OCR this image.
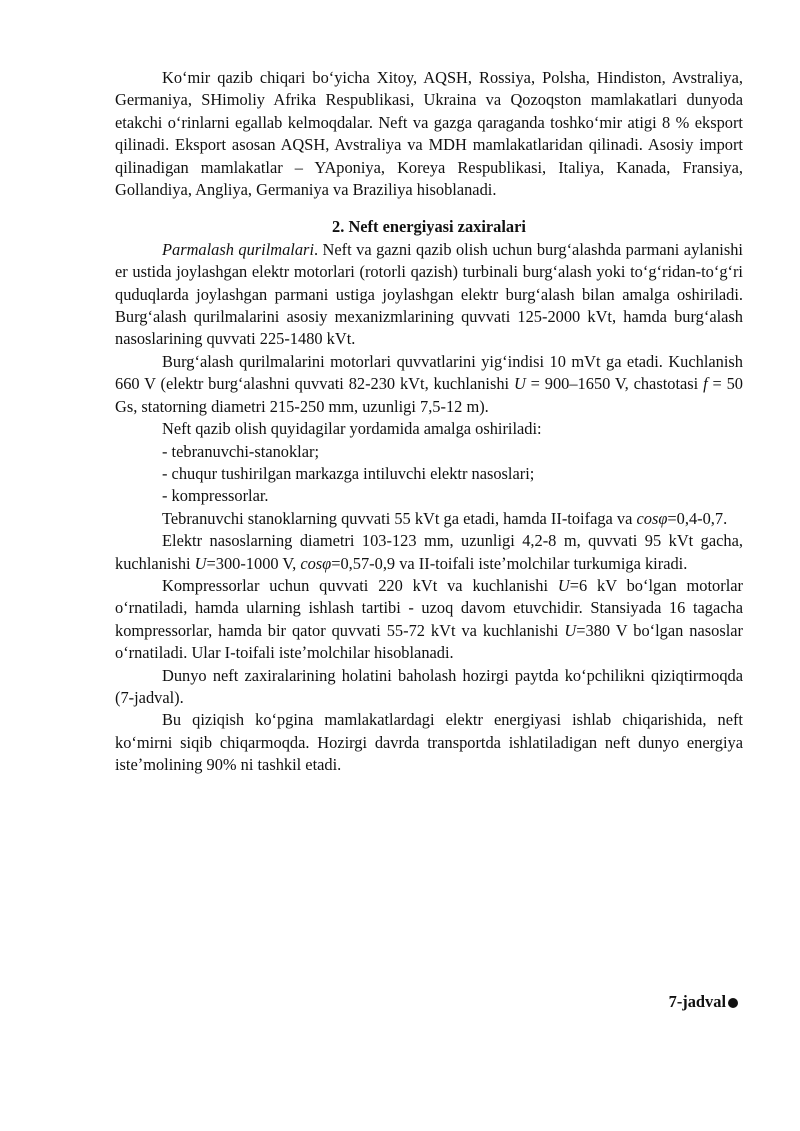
Koʻmir qazib chiqari boʻyicha Xitoy, AQSH, Rossiya, Polsha, Hindiston, Avstraliya, Germaniya, SHimoliy Afrika Respublikasi, Ukraina va Qozoqston mamlakatlari dunyoda etakchi oʻrinlarni egallab kelmoqdalar. Neft va gazga qaraganda toshkoʻmir atigi 8 % eksport qilinadi. Eksport asosan AQSH, Avstraliya va MDH mamlakatlaridan qilinadi. Asosiy import qilinadigan mamlakatlar – YAponiya, Koreya Respublikasi, Italiya, Kanada, Fransiya, Gollandiya, Angliya, Germaniya va Braziliya hisoblanadi.

2. Neft energiyasi zaxiralari

Parmalash qurilmalari. Neft va gazni qazib olish uchun burgʻalashda parmani aylanishi er ustida joylashgan elektr motorlari (rotorli qazish) turbinali burgʻalash yoki toʻgʻridan-toʻgʻri quduqlarda joylashgan parmani ustiga joylashgan elektr burgʻalash bilan amalga oshiriladi. Burgʻalash qurilmalarini asosiy mexanizmlarining quvvati 125-2000 kVt, hamda burgʻalash nasoslarining quvvati 225-1480 kVt.

Burgʻalash qurilmalarini motorlari quvvatlarini yigʻindisi 10 mVt ga etadi. Kuchlanish 660 V (elektr burgʻalashni quvvati 82-230 kVt, kuchlanishi U = 900–1650 V, chastotasi f = 50 Gs, statorning diametri 215-250 mm, uzunligi 7,5-12 m).

Neft qazib olish quyidagilar yordamida amalga oshiriladi:

- tebranuvchi-stanoklar;

- chuqur tushirilgan markazga intiluvchi elektr nasoslari;

- kompressorlar.

Tebranuvchi stanoklarning quvvati 55 kVt ga etadi, hamda II-toifaga va cosφ=0,4-0,7.

Elektr nasoslarning diametri 103-123 mm, uzunligi 4,2-8 m, quvvati 95 kVt gacha, kuchlanishi U=300-1000 V, cosφ=0,57-0,9 va II-toifali isteʼmolchilar turkumiga kiradi.

Kompressorlar uchun quvvati 220 kVt va kuchlanishi U=6 kV boʻlgan motorlar oʻrnatiladi, hamda ularning ishlash tartibi - uzoq davom etuvchidir. Stansiyada 16 tagacha kompressorlar, hamda bir qator quvvati 55-72 kVt va kuchlanishi U=380 V boʻlgan nasoslar oʻrnatiladi. Ular I-toifali isteʼmolchilar hisoblanadi.

Dunyo neft zaxiralarining holatini baholash hozirgi paytda koʻpchilikni qiziqtirmoqda (7-jadval).

Bu qiziqish koʻpgina mamlakatlardagi elektr energiyasi ishlab chiqarishida, neft koʻmirni siqib chiqarmoqda. Hozirgi davrda transportda ishlatiladigan neft dunyo energiya isteʼmolining 90% ni tashkil etadi.

7-jadval
